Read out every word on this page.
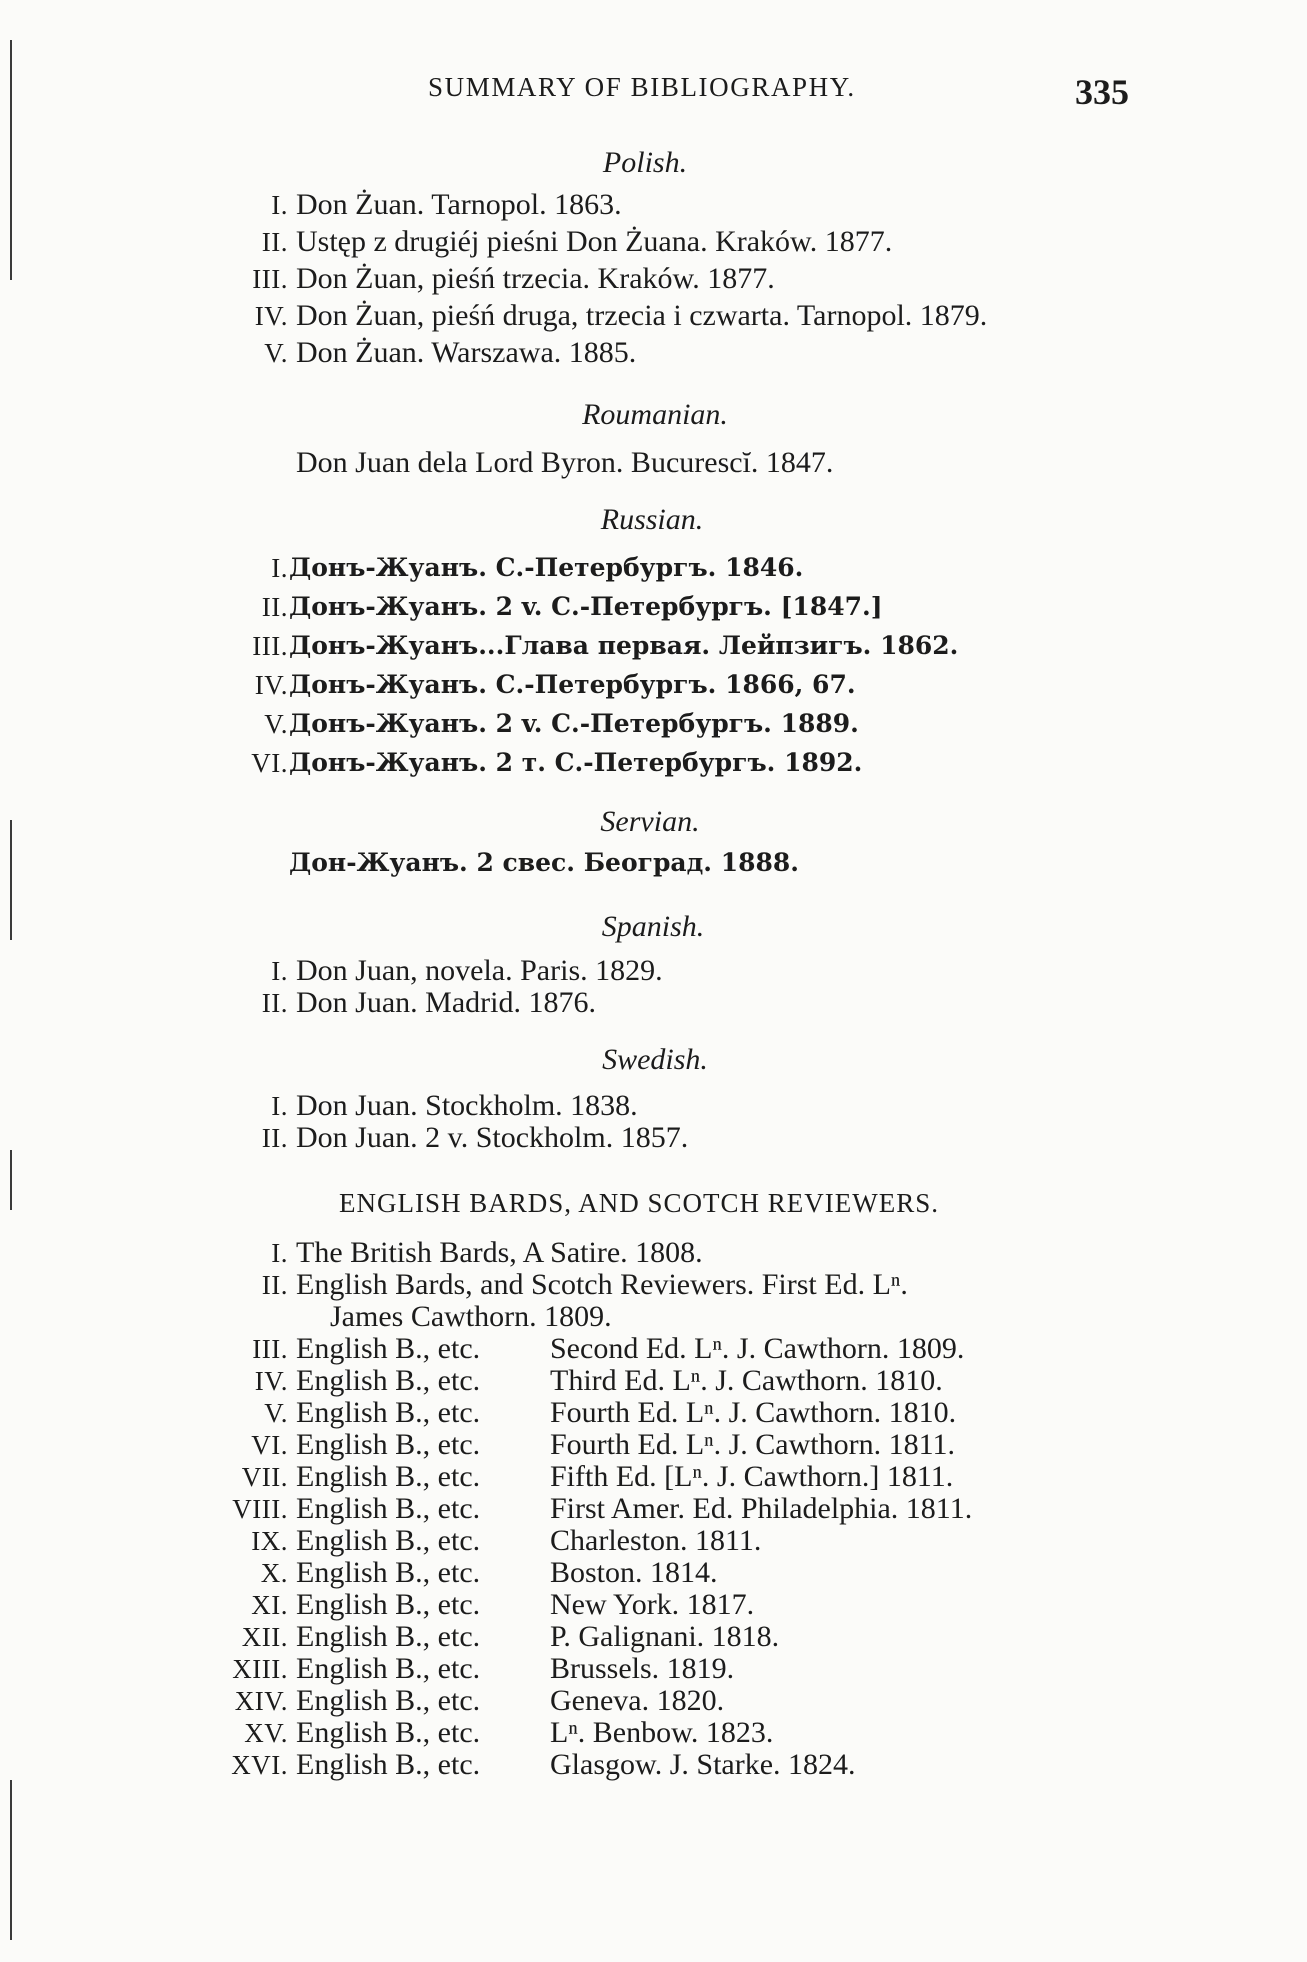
SUMMARY OF BIBLIOGRAPHY.	335
Polish.
I. Don Żuan. Tarnopol. 1863.
II. Ustęp z drugiéj pieśni Don Żuana. Kraków. 1877.
III. Don Żuan, pieśń trzecia. Kraków. 1877.
IV. Don Żuan, pieśń druga, trzecia i czwarta. Tarnopol. 1879.
V. Don Żuan. Warszawa. 1885.
Roumanian.
Don Juan dela Lord Byron. Bucurescĭ. 1847.
Russian.
I. Донъ-Жуанъ. С.-Петербургъ. 1846.
II. Донъ-Жуанъ. 2 v. С.-Петербургъ. [1847.]
III. Донъ-Жуанъ...Глава первая. Лейпзигъ. 1862.
IV. Донъ-Жуанъ. С.-Петербургъ. 1866, 67.
V. Донъ-Жуанъ. 2 v. С.-Петербургъ. 1889.
VI. Донъ-Жуанъ. 2 т. С.-Петербургъ. 1892.
Servian.
Дон-Жуанъ. 2 свес. Београд. 1888.
Spanish.
I. Don Juan, novela. Paris. 1829.
II. Don Juan. Madrid. 1876.
Swedish.
I. Don Juan. Stockholm. 1838.
II. Don Juan. 2 v. Stockholm. 1857.
ENGLISH BARDS, AND SCOTCH REVIEWERS.
I. The British Bards, A Satire. 1808.
II. English Bards, and Scotch Reviewers. First Ed. Lⁿ.
James Cawthorn. 1809.
III. English B., etc. Second Ed. Lⁿ. J. Cawthorn. 1809.
IV. English B., etc. Third Ed. Lⁿ. J. Cawthorn. 1810.
V. English B., etc. Fourth Ed. Lⁿ. J. Cawthorn. 1810.
VI. English B., etc. Fourth Ed. Lⁿ. J. Cawthorn. 1811.
VII. English B., etc. Fifth Ed. [Lⁿ. J. Cawthorn.] 1811.
VIII. English B., etc. First Amer. Ed. Philadelphia. 1811.
IX. English B., etc. Charleston. 1811.
X. English B., etc. Boston. 1814.
XI. English B., etc. New York. 1817.
XII. English B., etc. P. Galignani. 1818.
XIII. English B., etc. Brussels. 1819.
XIV. English B., etc. Geneva. 1820.
XV. English B., etc. Lⁿ. Benbow. 1823.
XVI. English B., etc. Glasgow. J. Starke. 1824.
